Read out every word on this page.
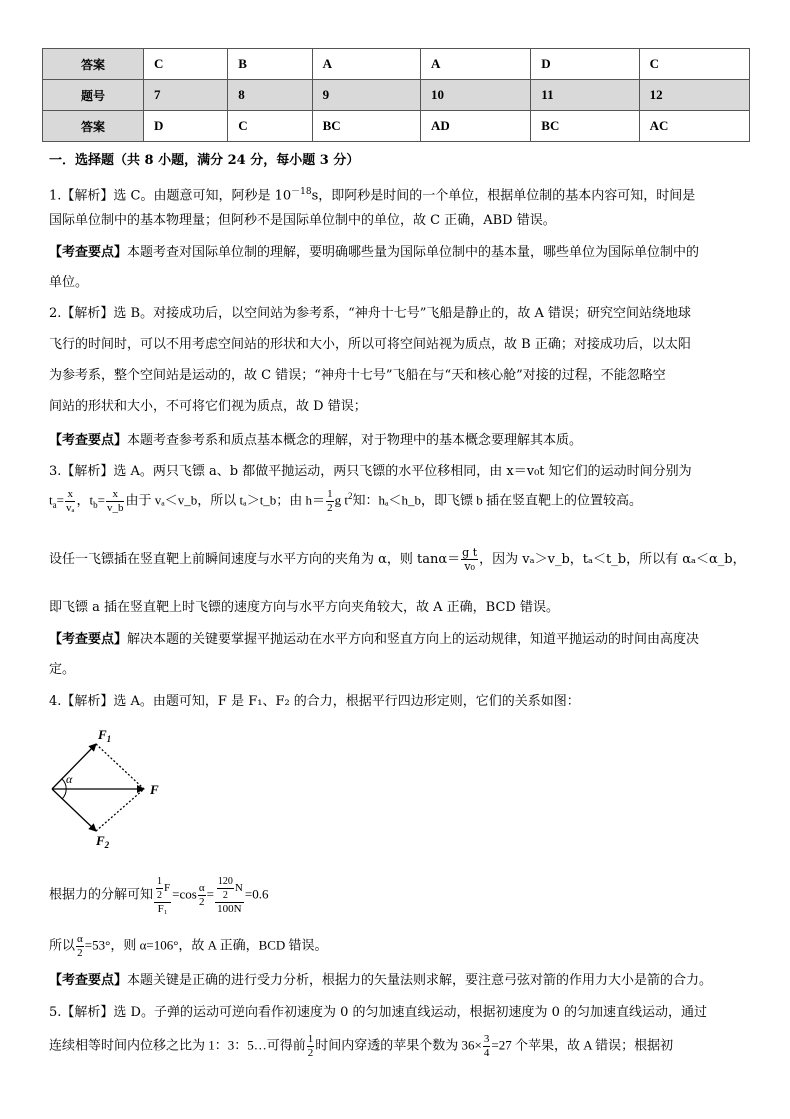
答案	C	B	A	A	D	C
题号	7	8	9	10	11	12
答案	D	C	BC	AD	BC	AC
一．选择题（共 8 小题，满分 24 分，每小题 3 分）
1.【解析】选 C。由题意可知，阿秒是 $10^{-18}s$，即阿秒是时间的一个单位，根据单位制的基本内容可知，时间是
国际单位制中的基本物理量；但阿秒不是国际单位制中的单位，故 C 正确，ABD 错误。
【考查要点】本题考查对国际单位制的理解，要明确哪些量为国际单位制中的基本量，哪些单位为国际单位制中的
单位。
2.【解析】选 B。对接成功后，以空间站为参考系，“神舟十七号”飞船是静止的，故 A 错误；研究空间站绕地球
飞行的时间时，可以不用考虑空间站的形状和大小，所以可将空间站视为质点，故 B 正确；对接成功后，以太阳
为参考系，整个空间站是运动的，故 C 错误；“神舟十七号”飞船在与“天和核心舱”对接的过程，不能忽略空
间站的形状和大小，不可将它们视为质点，故 D 错误；
【考查要点】本题考查参考系和质点基本概念的理解，对于物理中的基本概念要理解其本质。
3.【解析】选 A。两只飞镖 a、b 都做平抛运动，两只飞镖的水平位移相同，由 x＝v₀t 知它们的运动时间分别为
$t_a= \frac{x}{\text{vₐ}}$ ，$t_b= \frac{x}{v\_b}$ 由于 vₐ＜v_b，所以 tₐ＞t_b；由 $h= \frac{1}{2}$ g $t^2$知：hₐ＜h_b，即飞镖 b 插在竖直靶上的位置较高。
设任一飞镖插在竖直靶上前瞬间速度与水平方向的夹角为 α，则 $\tan\alpha= \frac{\text{g t}}{\text{v₀}}$ ，因为 vₐ＞v_b，tₐ＜t_b，所以有 αₐ＜α_b，
即飞镖 a 插在竖直靶上时飞镖的速度方向与水平方向夹角较大，故 A 正确，BCD 错误。
【考查要点】解决本题的关键要掌握平抛运动在水平方向和竖直方向上的运动规律，知道平抛运动的时间由高度决
定。
4.【解析】选 A。由题可知，F 是 F₁、F₂ 的合力，根据平行四边形定则，它们的关系如图：
$F_1$
F
$F_2$
α
根据力的分解可知 $\frac{\frac{1}{2} F}{\text{F₁}} =\cos \frac{\alpha}{2} = \frac{\frac{120}{2} N}{100N} =0.6$
所以 $\frac{\alpha}{2} =53^\circ$，则 α=106°，故 A 正确，BCD 错误。
【考查要点】本题关键是正确的进行受力分析，根据力的矢量法则求解，要注意弓弦对箭的作用力大小是箭的合力。
5.【解析】选 D。子弹的运动可逆向看作初速度为 0 的匀加速直线运动，根据初速度为 0 的匀加速直线运动，通过
连续相等时间内位移之比为 1：3：5…可得前 $\frac{1}{2}$ 时间内穿透的苹果个数为 $36\times \frac{3}{4} =27$ 个苹果，故 A 错误；根据初
